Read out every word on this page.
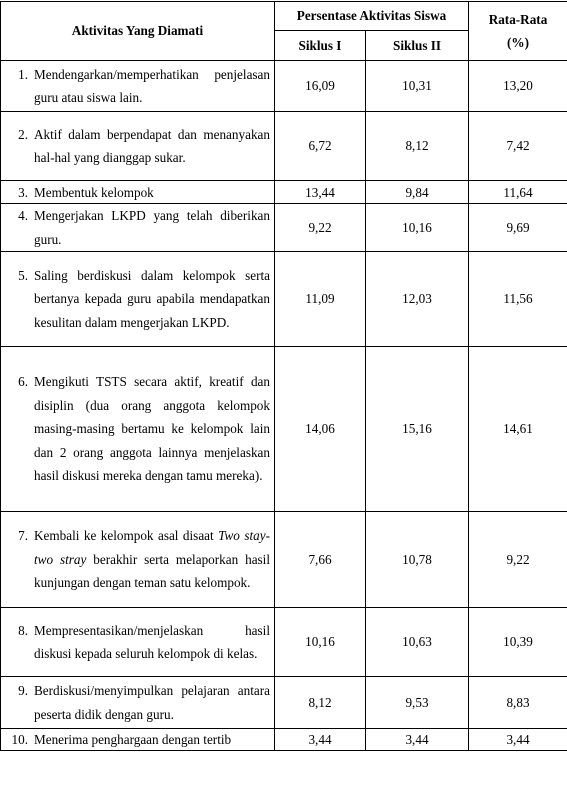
Aktivitas Yang Diamati	Persentase Aktivitas Siswa		Rata-Rata
(%)

	Siklus I	Siklus II	

1. Mendengarkan/memperhatikan penjelasan guru atau siswa lain.	16,09	10,31	13,20

2. Aktif dalam berpendapat dan menanyakan hal-hal yang dianggap sukar.	6,72	8,12	7,42

3. Membentuk kelompok	13,44	9,84	11,64

4. Mengerjakan LKPD yang telah diberikan guru.	9,22	10,16	9,69

5. Saling berdiskusi dalam kelompok serta bertanya kepada guru apabila mendapatkan kesulitan dalam mengerjakan LKPD.	11,09	12,03	11,56

6. Mengikuti TSTS secara aktif, kreatif dan disiplin (dua orang anggota kelompok masing-masing bertamu ke kelompok lain dan 2 orang anggota lainnya menjelaskan hasil diskusi mereka dengan tamu mereka).	14,06	15,16	14,61

7. Kembali ke kelompok asal disaat Two stay-two stray berakhir serta melaporkan hasil kunjungan dengan teman satu kelompok.	7,66	10,78	9,22

8. Mempresentasikan/menjelaskan hasil diskusi kepada seluruh kelompok di kelas.	10,16	10,63	10,39

9. Berdiskusi/menyimpulkan pelajaran antara peserta didik dengan guru.	8,12	9,53	8,83

10. Menerima penghargaan dengan tertib	3,44	3,44	3,44
